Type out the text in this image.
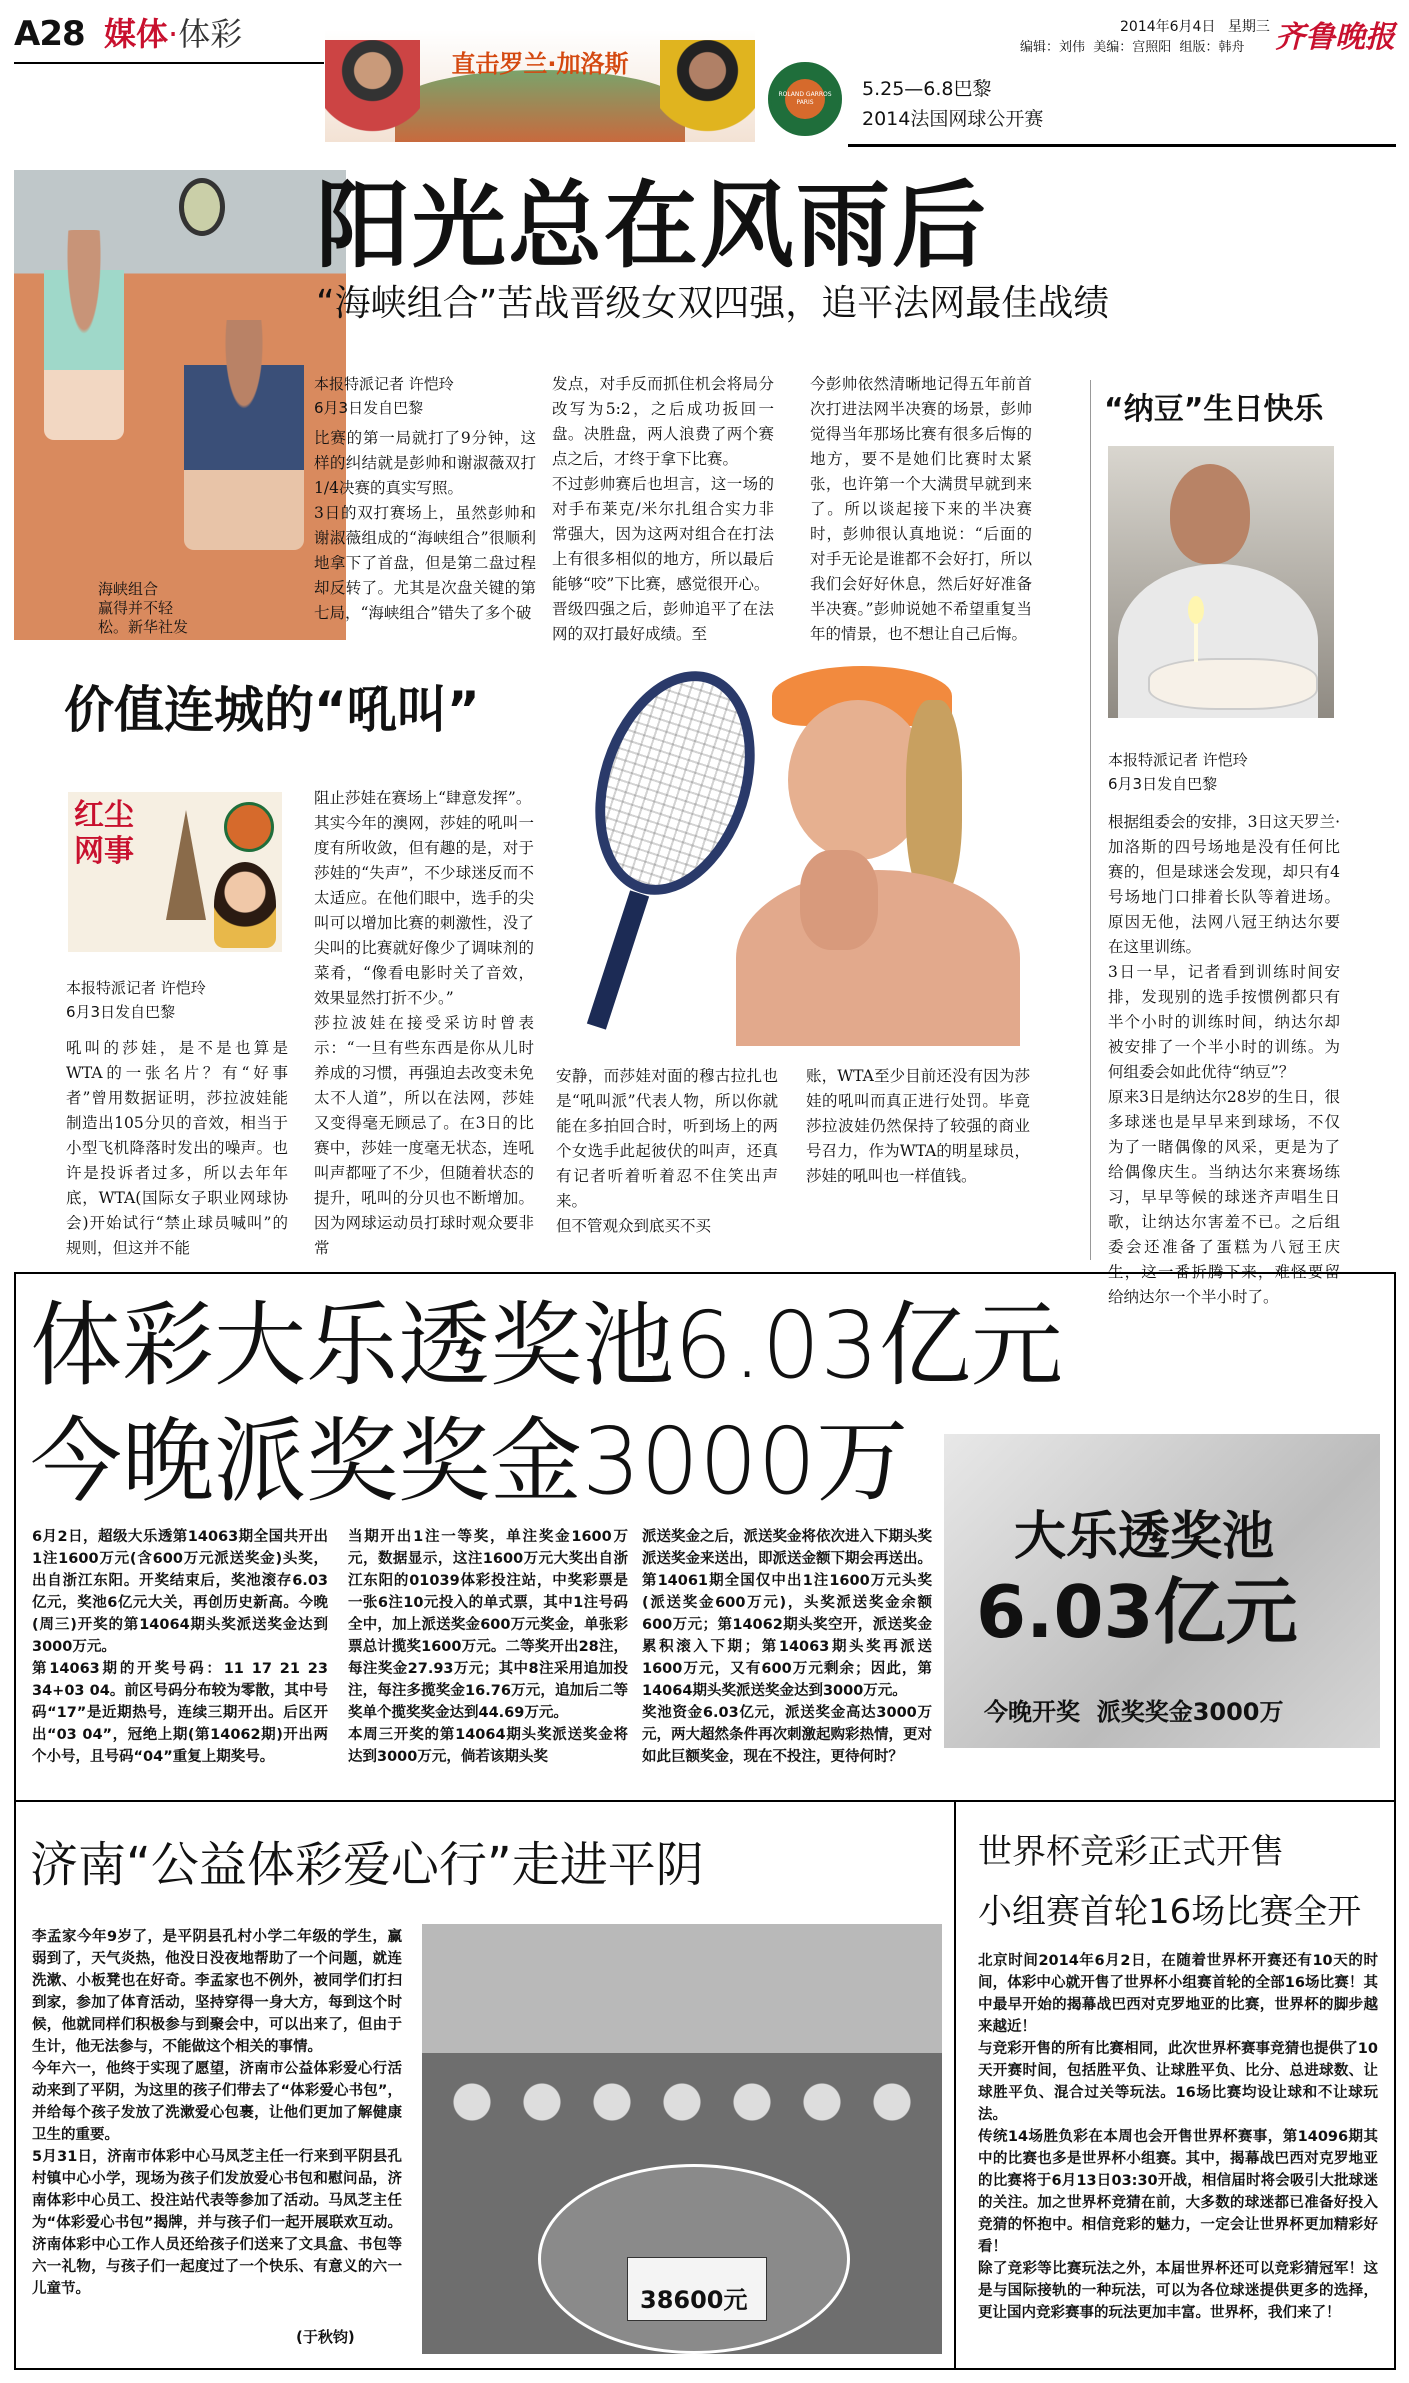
A28 媒体·体彩
直击罗兰·加洛斯
ROLAND GARROS PARIS
5.25—6.8巴黎
2014法国网球公开赛
2014年6月4日 星期三
编辑：刘伟  美编：宫照阳  组版：韩舟 齐鲁晚报
海峡组合
赢得并不轻
松。新华社发
阳光总在风雨后
“海峡组合”苦战晋级女双四强，追平法网最佳战绩
本报特派记者 许恺玲
6月3日发自巴黎
比赛的第一局就打了9分钟，这样的纠结就是彭帅和谢淑薇双打1/4决赛的真实写照。
3日的双打赛场上，虽然彭帅和谢淑薇组成的“海峡组合”很顺利地拿下了首盘，但是第二盘过程却反转了。尤其是次盘关键的第七局，“海峡组合”错失了多个破
发点，对手反而抓住机会将局分改写为5:2，之后成功扳回一盘。决胜盘，两人浪费了两个赛点之后，才终于拿下比赛。
不过彭帅赛后也坦言，这一场的对手布莱克/米尔扎组合实力非常强大，因为这两对组合在打法上有很多相似的地方，所以最后能够“咬”下比赛，感觉很开心。
晋级四强之后，彭帅追平了在法网的双打最好成绩。至
今彭帅依然清晰地记得五年前首次打进法网半决赛的场景，彭帅觉得当年那场比赛有很多后悔的地方，要不是她们比赛时太紧张，也许第一个大满贯早就到来了。所以谈起接下来的半决赛时，彭帅很认真地说：“后面的对手无论是谁都不会好打，所以我们会好好休息，然后好好准备半决赛。”彭帅说她不希望重复当年的情景，也不想让自己后悔。
“纳豆”生日快乐
本报特派记者 许恺玲
6月3日发自巴黎
根据组委会的安排，3日这天罗兰·加洛斯的四号场地是没有任何比赛的，但是球迷会发现，却只有4号场地门口排着长队等着进场。原因无他，法网八冠王纳达尔要在这里训练。
3日一早，记者看到训练时间安排，发现别的选手按惯例都只有半个小时的训练时间，纳达尔却被安排了一个半小时的训练。为何组委会如此优待“纳豆”？
原来3日是纳达尔28岁的生日，很多球迷也是早早来到球场，不仅为了一睹偶像的风采，更是为了给偶像庆生。当纳达尔来赛场练习，早早等候的球迷齐声唱生日歌，让纳达尔害羞不已。之后组委会还准备了蛋糕为八冠王庆生，这一番折腾下来，难怪要留给纳达尔一个半小时了。
价值连城的“吼叫”
红尘
网事
本报特派记者 许恺玲
6月3日发自巴黎
吼叫的莎娃，是不是也算是WTA的一张名片？有“好事者”曾用数据证明，莎拉波娃能制造出105分贝的音效，相当于小型飞机降落时发出的噪声。也许是投诉者过多，所以去年年底，WTA(国际女子职业网球协会)开始试行“禁止球员喊叫”的规则，但这并不能
阻止莎娃在赛场上“肆意发挥”。
其实今年的澳网，莎娃的吼叫一度有所收敛，但有趣的是，对于莎娃的“失声”，不少球迷反而不太适应。在他们眼中，选手的尖叫可以增加比赛的刺激性，没了尖叫的比赛就好像少了调味剂的菜肴，“像看电影时关了音效，效果显然打折不少。”
莎拉波娃在接受采访时曾表示：“一旦有些东西是你从儿时养成的习惯，再强迫去改变未免太不人道”，所以在法网，莎娃又变得毫无顾忌了。在3日的比赛中，莎娃一度毫无状态，连吼叫声都哑了不少，但随着状态的提升，吼叫的分贝也不断增加。因为网球运动员打球时观众要非常
安静，而莎娃对面的穆古拉扎也是“吼叫派”代表人物，所以你就能在多拍回合时，听到场上的两个女选手此起彼伏的叫声，还真有记者听着听着忍不住笑出声来。
但不管观众到底买不买
账，WTA至少目前还没有因为莎娃的吼叫而真正进行处罚。毕竟莎拉波娃仍然保持了较强的商业号召力，作为WTA的明星球员，莎娃的吼叫也一样值钱。
体彩大乐透奖池6.03亿元
今晚派奖奖金3000万
大乐透奖池
6.03亿元
今晚开奖  派奖奖金3000万
6月2日，超级大乐透第14063期全国共开出1注1600万元(含600万元派送奖金)头奖，出自浙江东阳。开奖结束后，奖池滚存6.03亿元，奖池6亿元大关，再创历史新高。今晚(周三)开奖的第14064期头奖派送奖金达到3000万元。
第14063期的开奖号码：11 17 21 23 34+03 04。前区号码分布较为零散，其中号码“17”是近期热号，连续三期开出。后区开出“03 04”，冠绝上期(第14062期)开出两个小号，且号码“04”重复上期奖号。
当期开出1注一等奖，单注奖金1600万元，数据显示，这注1600万元大奖出自浙江东阳的01039体彩投注站，中奖彩票是一张6注10元投入的单式票，其中1注号码全中，加上派送奖金600万元奖金，单张彩票总计揽奖1600万元。二等奖开出28注，每注奖金27.93万元；其中8注采用追加投注，每注多揽奖金16.76万元，追加后二等奖单个揽奖奖金达到44.69万元。
本周三开奖的第14064期头奖派送奖金将达到3000万元，倘若该期头奖
派送奖金之后，派送奖金将依次进入下期头奖派送奖金来送出，即派送金额下期会再送出。第14061期全国仅中出1注1600万元头奖(派送奖金600万元)，头奖派送奖金余额600万元；第14062期头奖空开，派送奖金累积滚入下期；第14063期头奖再派送1600万元，又有600万元剩余；因此，第14064期头奖派送奖金达到3000万元。
奖池资金6.03亿元，派送奖金高达3000万元，两大超然条件再次刺激起购彩热情，更对如此巨额奖金，现在不投注，更待何时？
济南“公益体彩爱心行”走进平阴
李孟家今年9岁了，是平阴县孔村小学二年级的学生，赢弱到了，天气炎热，他没日没夜地帮助了一个问题，就连洗漱、小板凳也在好奇。李孟家也不例外，被同学们打扫到家，参加了体育活动，坚持穿得一身大方，每到这个时候，他就同样们积极参与到聚会中，可以出来了，但由于生计，他无法参与，不能做这个相关的事情。
今年六一，他终于实现了愿望，济南市公益体彩爱心行活动来到了平阴，为这里的孩子们带去了“体彩爱心书包”，并给每个孩子发放了洗漱爱心包裹，让他们更加了解健康卫生的重要。
5月31日，济南市体彩中心马凤芝主任一行来到平阴县孔村镇中心小学，现场为孩子们发放爱心书包和慰问品，济南体彩中心员工、投注站代表等参加了活动。马凤芝主任为“体彩爱心书包”揭牌，并与孩子们一起开展联欢互动。济南体彩中心工作人员还给孩子们送来了文具盒、书包等六一礼物，与孩子们一起度过了一个快乐、有意义的六一儿童节。
(于秋钧)
38600元
世界杯竞彩正式开售
小组赛首轮16场比赛全开
北京时间2014年6月2日，在随着世界杯开赛还有10天的时间，体彩中心就开售了世界杯小组赛首轮的全部16场比赛！其中最早开始的揭幕战巴西对克罗地亚的比赛，世界杯的脚步越来越近！
与竞彩开售的所有比赛相同，此次世界杯赛事竞猜也提供了10天开赛时间，包括胜平负、让球胜平负、比分、总进球数、让球胜平负、混合过关等玩法。16场比赛均设让球和不让球玩法。
传统14场胜负彩在本周也会开售世界杯赛事，第14096期其中的比赛也多是世界杯小组赛。其中，揭幕战巴西对克罗地亚的比赛将于6月13日03:30开战，相信届时将会吸引大批球迷的关注。加之世界杯竞猜在前，大多数的球迷都已准备好投入竞猜的怀抱中。相信竞彩的魅力，一定会让世界杯更加精彩好看！
除了竞彩等比赛玩法之外，本届世界杯还可以竞彩猜冠军！这是与国际接轨的一种玩法，可以为各位球迷提供更多的选择，更让国内竞彩赛事的玩法更加丰富。世界杯，我们来了！
